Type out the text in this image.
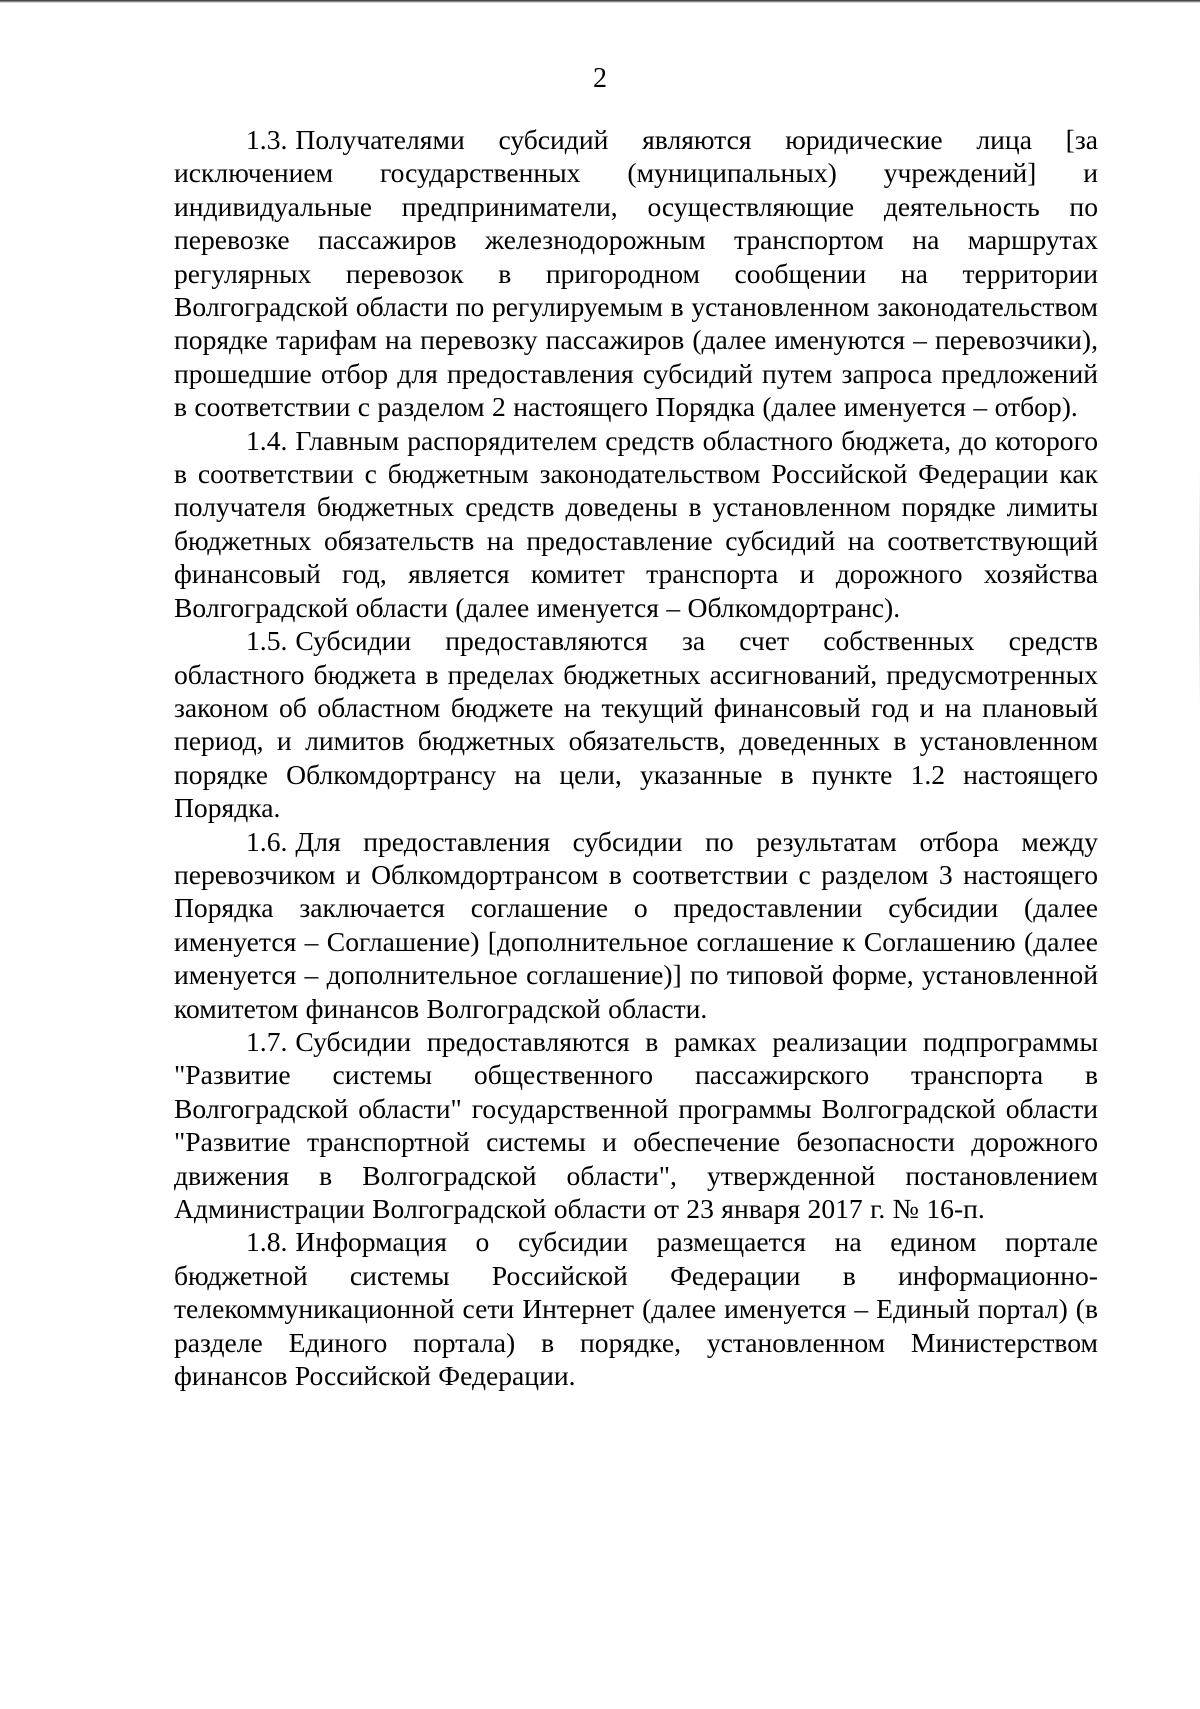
2

1.3. Получателями субсидий являются юридические лица [за исключением государственных (муниципальных) учреждений] и индивидуальные предприниматели, осуществляющие деятельность по перевозке пассажиров железнодорожным транспортом на маршрутах регулярных перевозок в пригородном сообщении на территории Волгоградской области по регулируемым в установленном законодательством порядке тарифам на перевозку пассажиров (далее именуются – перевозчики), прошедшие отбор для предоставления субсидий путем запроса предложений в соответствии с разделом 2 настоящего Порядка (далее именуется – отбор).

1.4. Главным распорядителем средств областного бюджета, до которого в соответствии с бюджетным законодательством Российской Федерации как получателя бюджетных средств доведены в установленном порядке лимиты бюджетных обязательств на предоставление субсидий на соответствующий финансовый год, является комитет транспорта и дорожного хозяйства Волгоградской области (далее именуется – Облкомдортранс).

1.5. Субсидии предоставляются за счет собственных средств областного бюджета в пределах бюджетных ассигнований, предусмотренных законом об областном бюджете на текущий финансовый год и на плановый период, и лимитов бюджетных обязательств, доведенных в установленном порядке Облкомдортрансу на цели, указанные в пункте 1.2 настоящего Порядка.

1.6. Для предоставления субсидии по результатам отбора между перевозчиком и Облкомдортрансом в соответствии с разделом 3 настоящего Порядка заключается соглашение о предоставлении субсидии (далее именуется – Соглашение) [дополнительное соглашение к Соглашению (далее именуется – дополнительное соглашение)] по типовой форме, установленной комитетом финансов Волгоградской области.

1.7. Субсидии предоставляются в рамках реализации подпрограммы "Развитие системы общественного пассажирского транспорта в Волгоградской области" государственной программы Волгоградской области "Развитие транспортной системы и обеспечение безопасности дорожного движения в Волгоградской области", утвержденной постановлением Администрации Волгоградской области от 23 января 2017 г. № 16-п.

1.8. Информация о субсидии размещается на едином портале бюджетной системы Российской Федерации в информационно-телекоммуникационной сети Интернет (далее именуется – Единый портал) (в разделе Единого портала) в порядке, установленном Министерством финансов Российской Федерации.
